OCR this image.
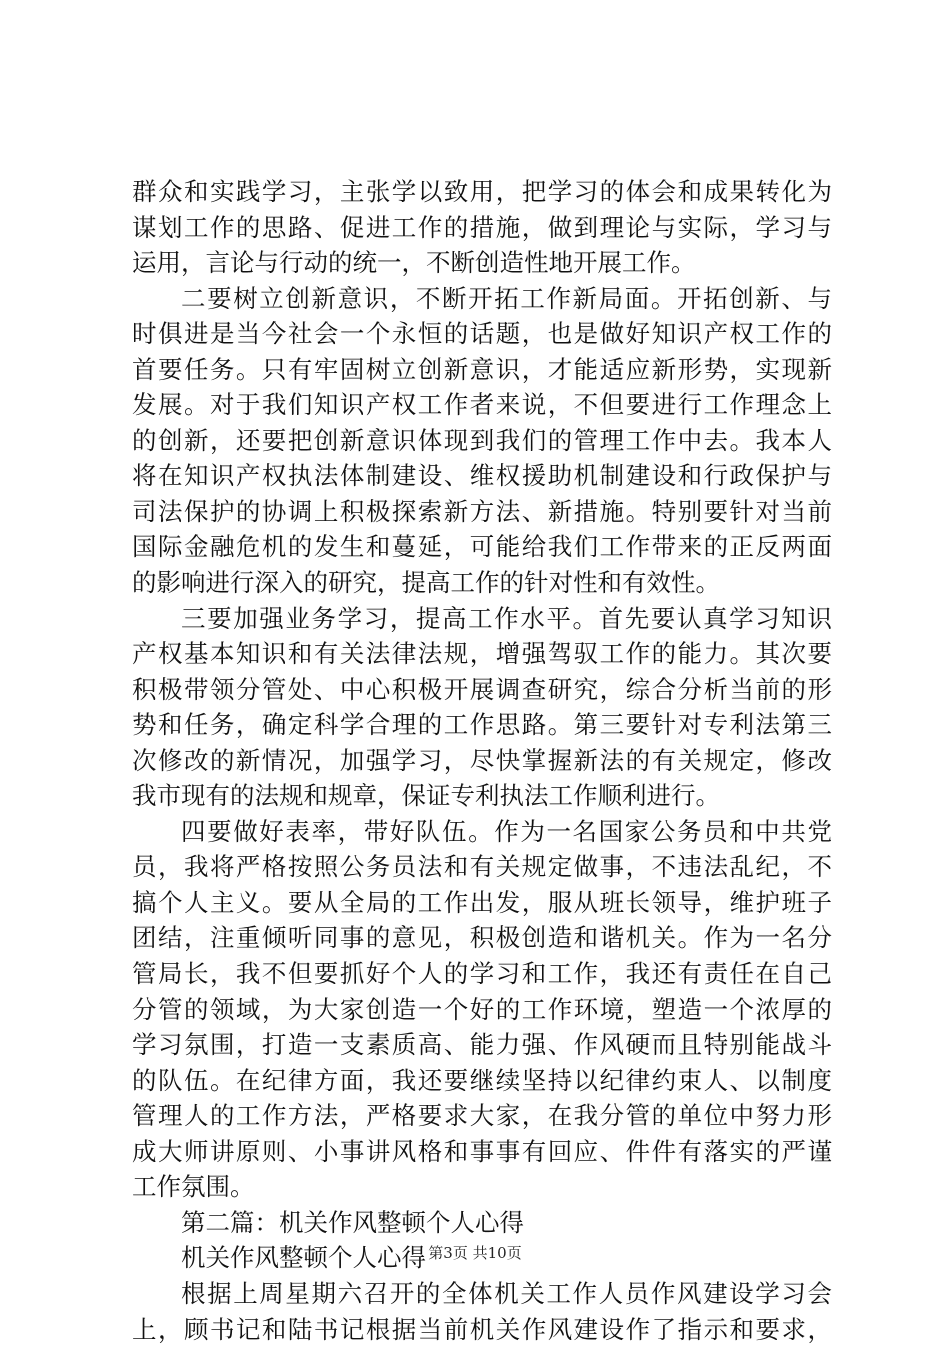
群众和实践学习，主张学以致用，把学习的体会和成果转化为
谋划工作的思路、促进工作的措施，做到理论与实际，学习与
运用，言论与行动的统一，不断创造性地开展工作。
二要树立创新意识，不断开拓工作新局面。开拓创新、与
时俱进是当今社会一个永恒的话题，也是做好知识产权工作的
首要任务。只有牢固树立创新意识，才能适应新形势，实现新
发展。对于我们知识产权工作者来说，不但要进行工作理念上
的创新，还要把创新意识体现到我们的管理工作中去。我本人
将在知识产权执法体制建设、维权援助机制建设和行政保护与
司法保护的协调上积极探索新方法、新措施。特别要针对当前
国际金融危机的发生和蔓延，可能给我们工作带来的正反两面
的影响进行深入的研究，提高工作的针对性和有效性。
三要加强业务学习，提高工作水平。首先要认真学习知识
产权基本知识和有关法律法规，增强驾驭工作的能力。其次要
积极带领分管处、中心积极开展调查研究，综合分析当前的形
势和任务，确定科学合理的工作思路。第三要针对专利法第三
次修改的新情况，加强学习，尽快掌握新法的有关规定，修改
我市现有的法规和规章，保证专利执法工作顺利进行。
四要做好表率，带好队伍。作为一名国家公务员和中共党
员，我将严格按照公务员法和有关规定做事，不违法乱纪，不
搞个人主义。要从全局的工作出发，服从班长领导，维护班子
团结，注重倾听同事的意见，积极创造和谐机关。作为一名分
管局长，我不但要抓好个人的学习和工作，我还有责任在自己
分管的领域，为大家创造一个好的工作环境，塑造一个浓厚的
学习氛围，打造一支素质高、能力强、作风硬而且特别能战斗
的队伍。在纪律方面，我还要继续坚持以纪律约束人、以制度
管理人的工作方法，严格要求大家，在我分管的单位中努力形
成大师讲原则、小事讲风格和事事有回应、件件有落实的严谨
工作氛围。
第二篇：机关作风整顿个人心得
机关作风整顿个人心得
根据上周星期六召开的全体机关工作人员作风建设学习会
上，顾书记和陆书记根据当前机关作风建设作了指示和要求，
第3页 共10页
